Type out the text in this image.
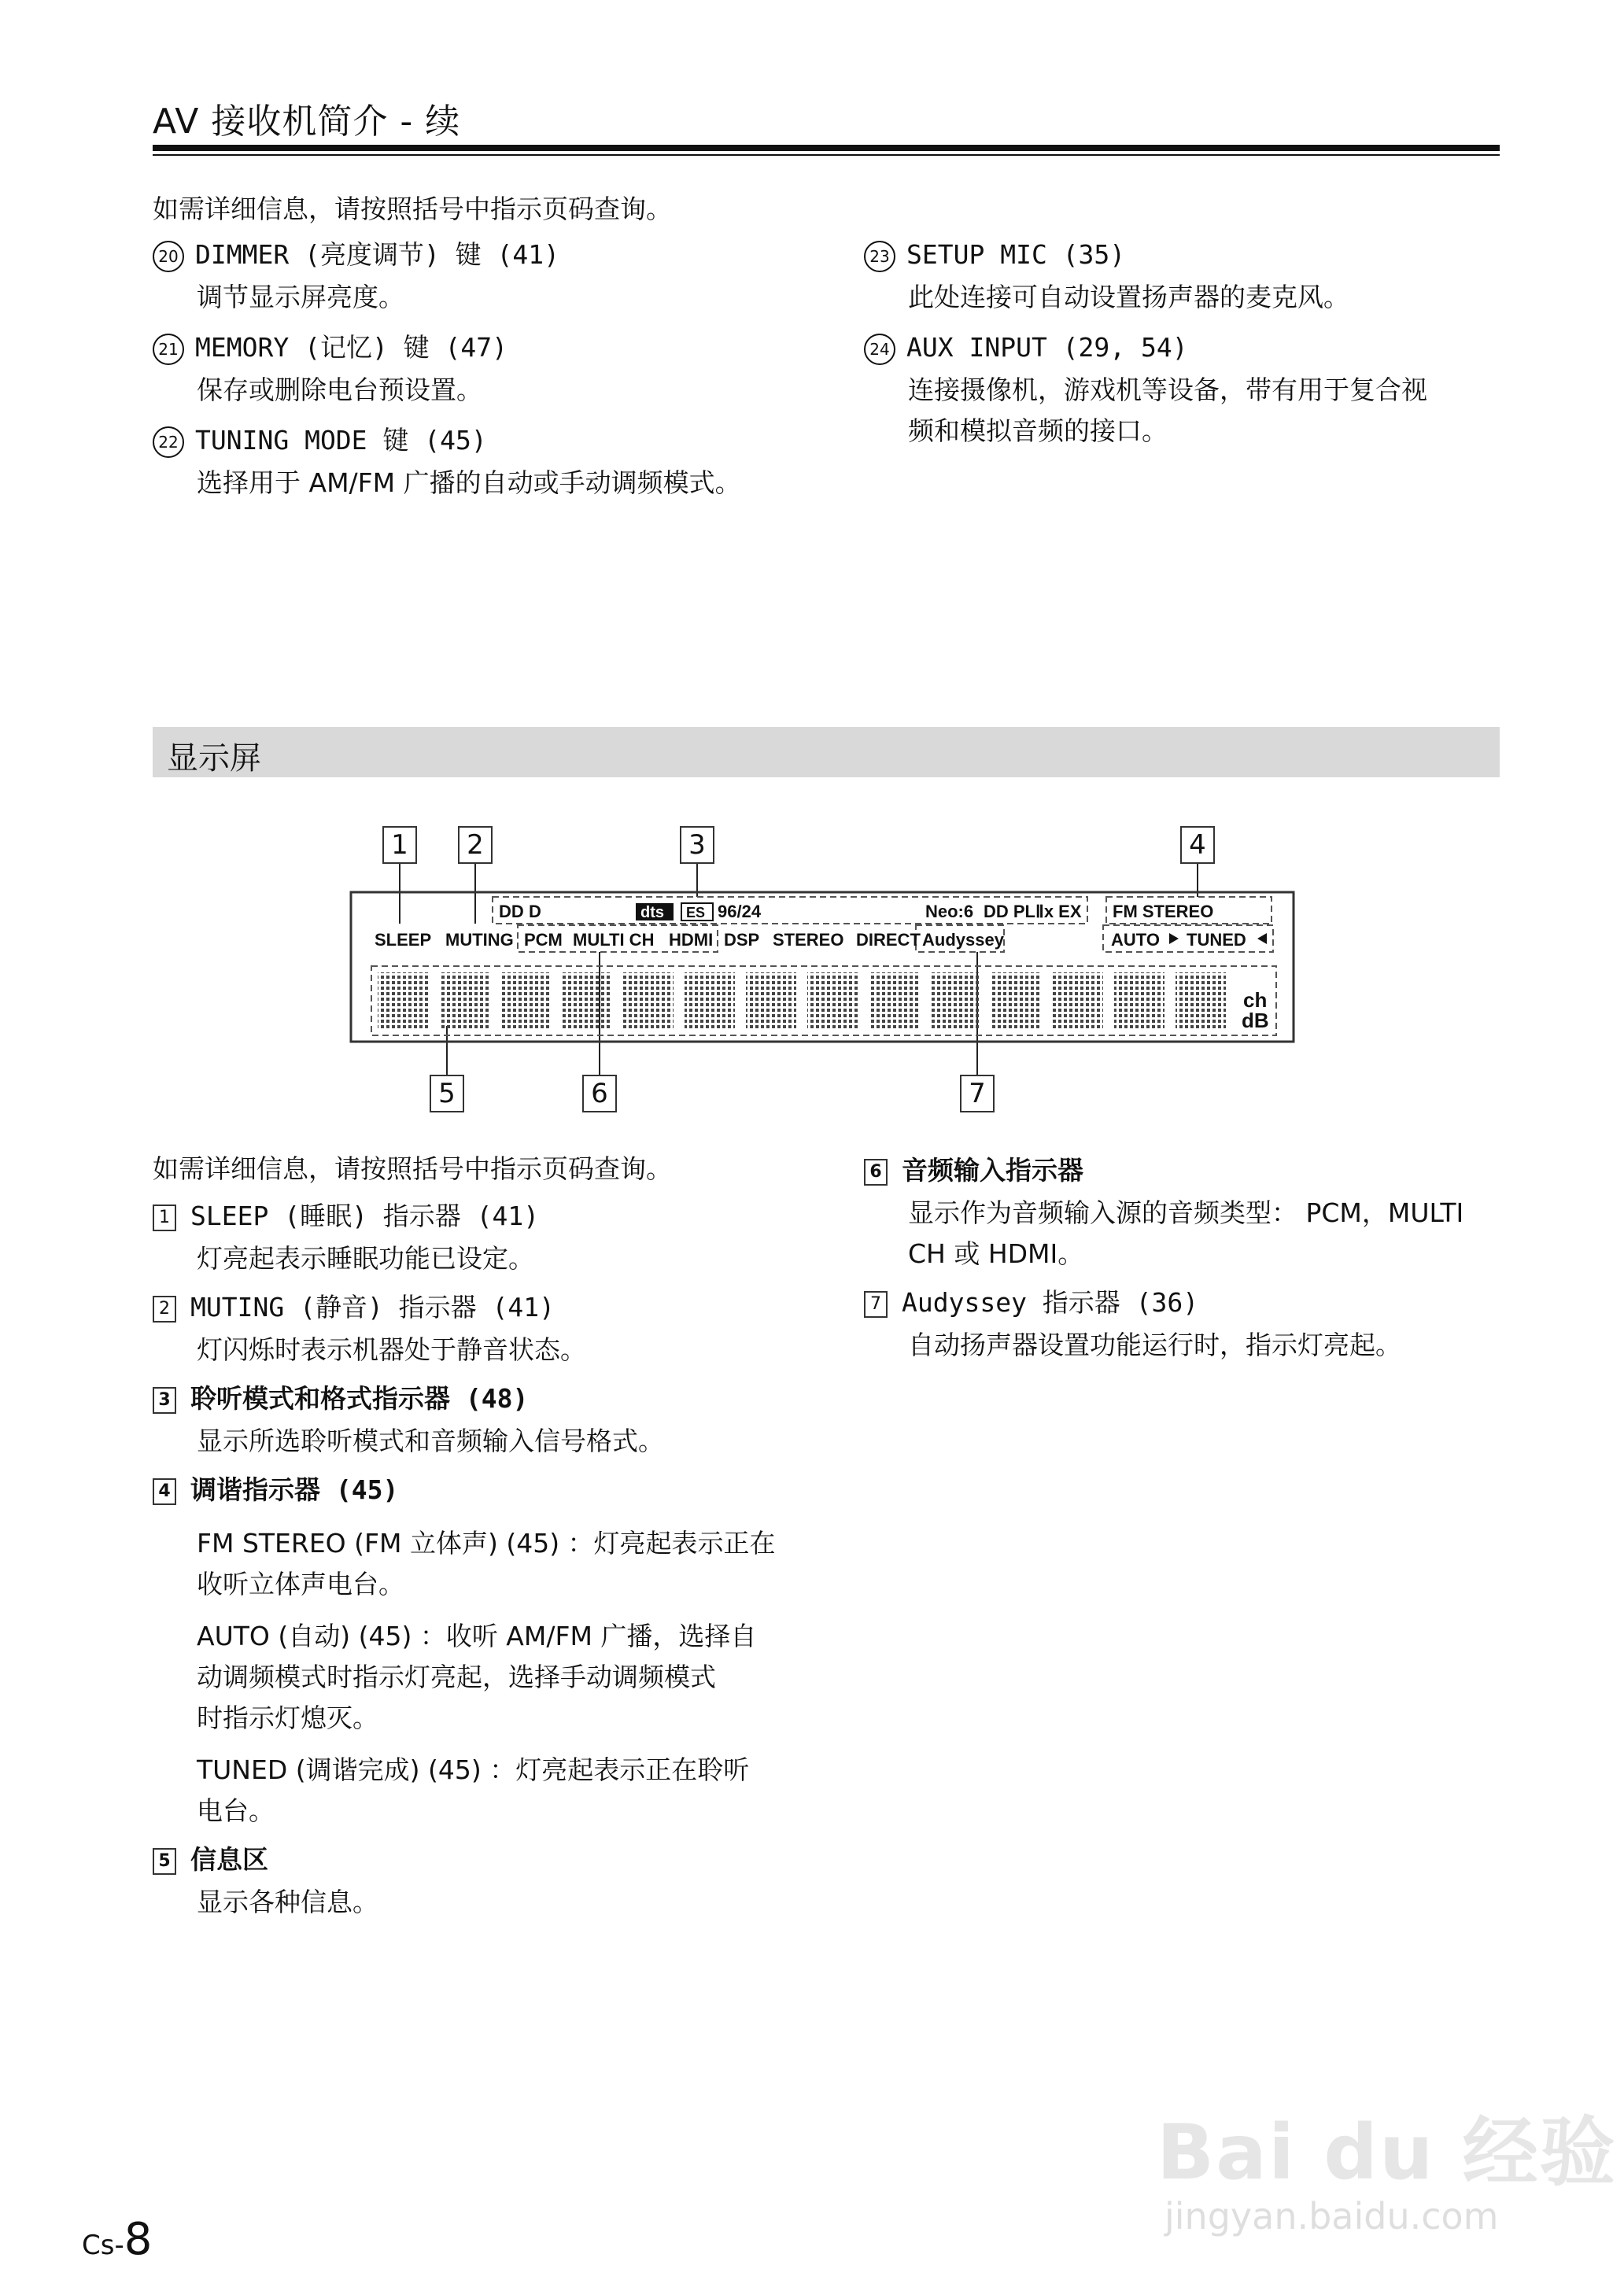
AV 接收机简介 - 续
如需详细信息，请按照括号中指示页码查询。
20 DIMMER (亮度调节) 键 (41)
调节显示屏亮度。
21 MEMORY (记忆) 键 (47)
保存或删除电台预设置。
22 TUNING MODE 键 (45)
选择用于 AM/FM 广播的自动或手动调频模式。
23 SETUP MIC (35)
此处连接可自动设置扬声器的麦克风。
24 AUX INPUT (29, 54)
连接摄像机，游戏机等设备，带有用于复合视
频和模拟音频的接口。
显示屏
1	2	3	4
5	6	7
DD D	dts ES 96/24	Neo:6 DD PLⅡx EX FM STEREO
SLEEP MUTING PCM MULTI CH HDMI DSP STEREO DIRECT Audyssey	AUTO TUNED
ch
dB
如需详细信息，请按照括号中指示页码查询。
1 SLEEP (睡眠) 指示器 (41)
灯亮起表示睡眠功能已设定。
2 MUTING (静音) 指示器 (41)
灯闪烁时表示机器处于静音状态。
3 聆听模式和格式指示器 (48)
显示所选聆听模式和音频输入信号格式。
4 调谐指示器 (45)
FM STEREO (FM 立体声) (45) ：灯亮起表示正在
收听立体声电台。
AUTO (自动) (45) ：收听 AM/FM 广播，选择自
动调频模式时指示灯亮起，选择手动调频模式
时指示灯熄灭。
TUNED (调谐完成) (45) ：灯亮起表示正在聆听
电台。
5 信息区
显示各种信息。
6 音频输入指示器
显示作为音频输入源的音频类型： PCM，MULTI
CH 或 HDMI。
7 Audyssey 指示器 (36)
自动扬声器设置功能运行时，指示灯亮起。
Bai du 经验
jingyan.baidu.com
Cs-8
